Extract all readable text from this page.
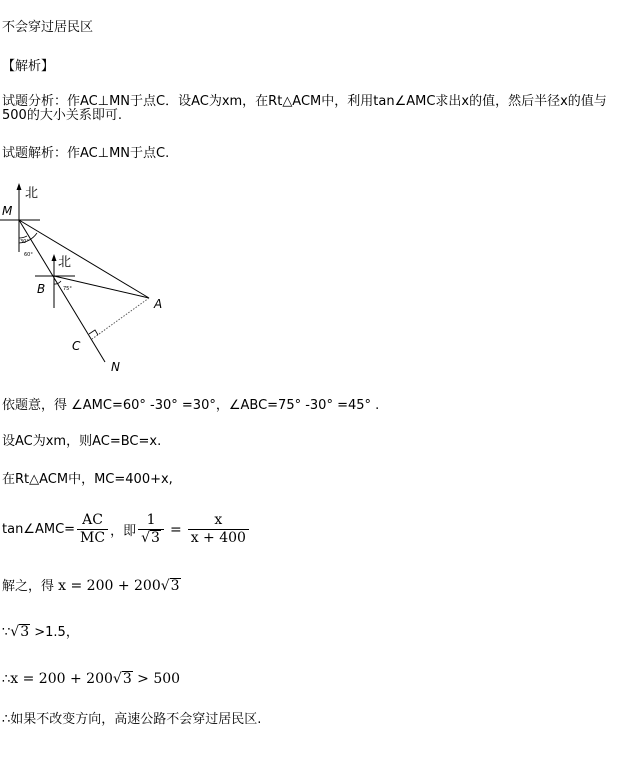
不会穿过居民区
【解析】
试题分析：作AC⊥MN于点C．设AC为xm，在Rt△ACM中，利用tan∠AMC求出x的值，然后半径x的值与
500的大小关系即可.
试题解析：作AC⊥MN于点C.
北
M
30°
60° 北
B	75°
A
C
N
依题意，得 ∠AMC=60° -30° =30°，∠ABC=75° -30° =45° .
设AC为xm，则AC=BC=x.
在Rt△ACM中，MC=400+x,
tan∠AMC= $\frac{AC}{MC}$ ，即 $\frac{1}{√3} = \frac{x}{x + 400}$
解之，得 x = 200 + 200√3
∵√3 >1.5，
∴x = 200 + 200√3 > 500
∴如果不改变方向，高速公路不会穿过居民区.
